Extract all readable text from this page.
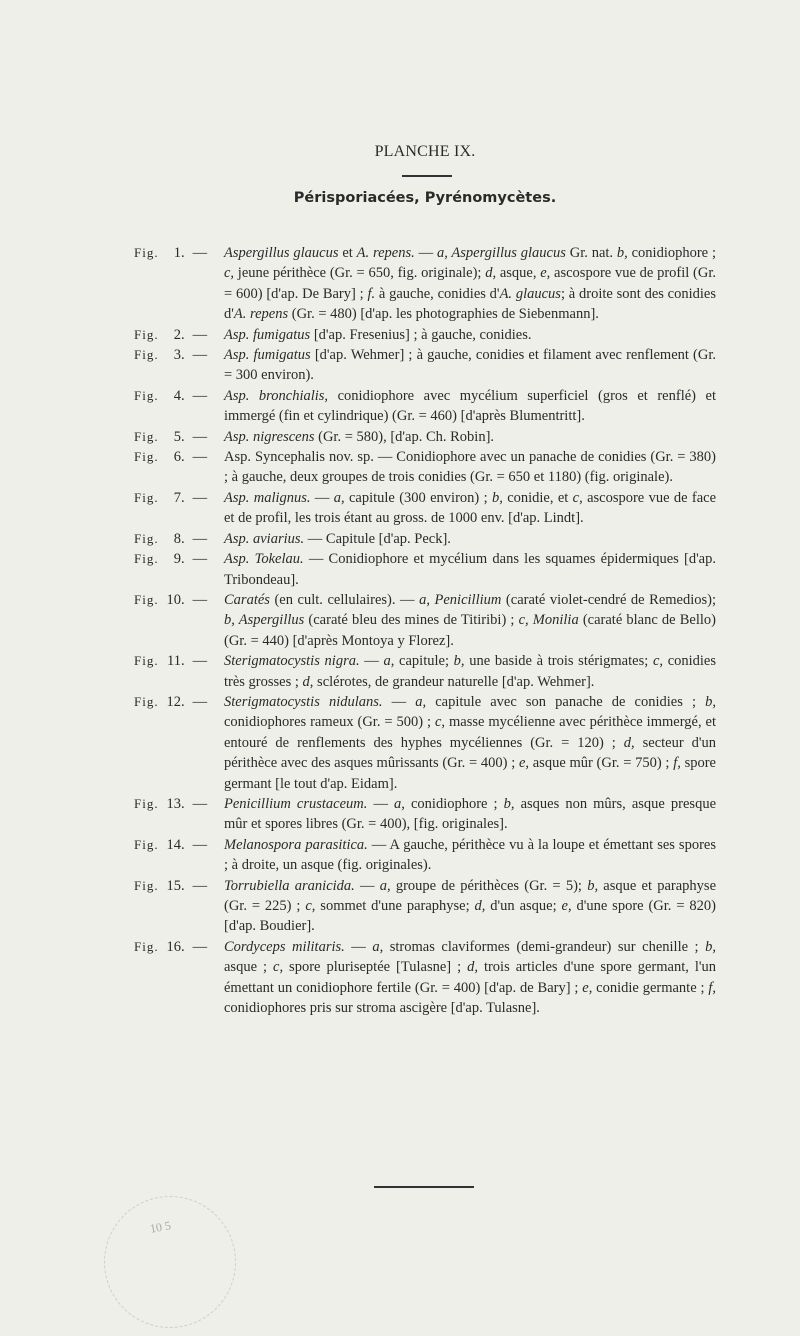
PLANCHE IX.
Périsporiacées, Pyrénomycètes.
Fig. 1. — Aspergillus glaucus et A. repens. — a, Aspergillus glaucus Gr. nat. b, conidiophore ; c, jeune périthèce (Gr. = 650, fig. originale); d, asque, e, ascospore vue de profil (Gr. = 600) [d'ap. De Bary] ; f. à gauche, conidies d'A. glaucus; à droite sont des conidies d'A. repens (Gr. = 480) [d'ap. les photographies de Siebenmann].
Fig. 2. — Asp. fumigatus [d'ap. Fresenius] ; à gauche, conidies.
Fig. 3. — Asp. fumigatus [d'ap. Wehmer] ; à gauche, conidies et filament avec renflement (Gr. = 300 environ).
Fig. 4. — Asp. bronchialis, conidiophore avec mycélium superficiel (gros et renflé) et immergé (fin et cylindrique) (Gr. = 460) [d'après Blumentritt].
Fig. 5. — Asp. nigrescens (Gr. = 580), [d'ap. Ch. Robin].
Fig. 6. — Asp. Syncephalis nov. sp. — Conidiophore avec un panache de conidies (Gr. = 380) ; à gauche, deux groupes de trois conidies (Gr. = 650 et 1180) (fig. originale).
Fig. 7. — Asp. malignus. — a, capitule (300 environ) ; b, conidie, et c, ascospore vue de face et de profil, les trois étant au gross. de 1000 env. [d'ap. Lindt].
Fig. 8. — Asp. aviarius. — Capitule [d'ap. Peck].
Fig. 9. — Asp. Tokelau. — Conidiophore et mycélium dans les squames épidermiques [d'ap. Tribondeau].
Fig. 10. — Caratés (en cult. cellulaires). — a, Penicillium (caraté violet-cendré de Remedios); b, Aspergillus (caraté bleu des mines de Titiribi) ; c, Monilia (caraté blanc de Bello) (Gr. = 440) [d'après Montoya y Florez].
Fig. 11. — Sterigmatocystis nigra. — a, capitule; b, une baside à trois stérigmates; c, conidies très grosses ; d, sclérotes, de grandeur naturelle [d'ap. Wehmer].
Fig. 12. — Sterigmatocystis nidulans. — a, capitule avec son panache de conidies ; b, conidiophores rameux (Gr. = 500) ; c, masse mycélienne avec périthèce immergé, et entouré de renflements des hyphes mycéliennes (Gr. = 120) ; d, secteur d'un périthèce avec des asques mûrissants (Gr. = 400) ; e, asque mûr (Gr. = 750) ; f, spore germant [le tout d'ap. Eidam].
Fig. 13. — Penicillium crustaceum. — a, conidiophore ; b, asques non mûrs, asque presque mûr et spores libres (Gr. = 400), [fig. originales].
Fig. 14. — Melanospora parasitica. — A gauche, périthèce vu à la loupe et émettant ses spores ; à droite, un asque (fig. originales).
Fig. 15. — Torrubiella aranicida. — a, groupe de périthèces (Gr. = 5); b, asque et paraphyse (Gr. = 225) ; c, sommet d'une paraphyse; d, d'un asque; e, d'une spore (Gr. = 820) [d'ap. Boudier].
Fig. 16. — Cordyceps militaris. — a, stromas claviformes (demi-grandeur) sur chenille ; b, asque ; c, spore pluriseptée [Tulasne] ; d, trois articles d'une spore germant, l'un émettant un conidiophore fertile (Gr. = 400) [d'ap. de Bary] ; e, conidie germante ; f, conidiophores pris sur stroma ascigère [d'ap. Tulasne].
10 5
